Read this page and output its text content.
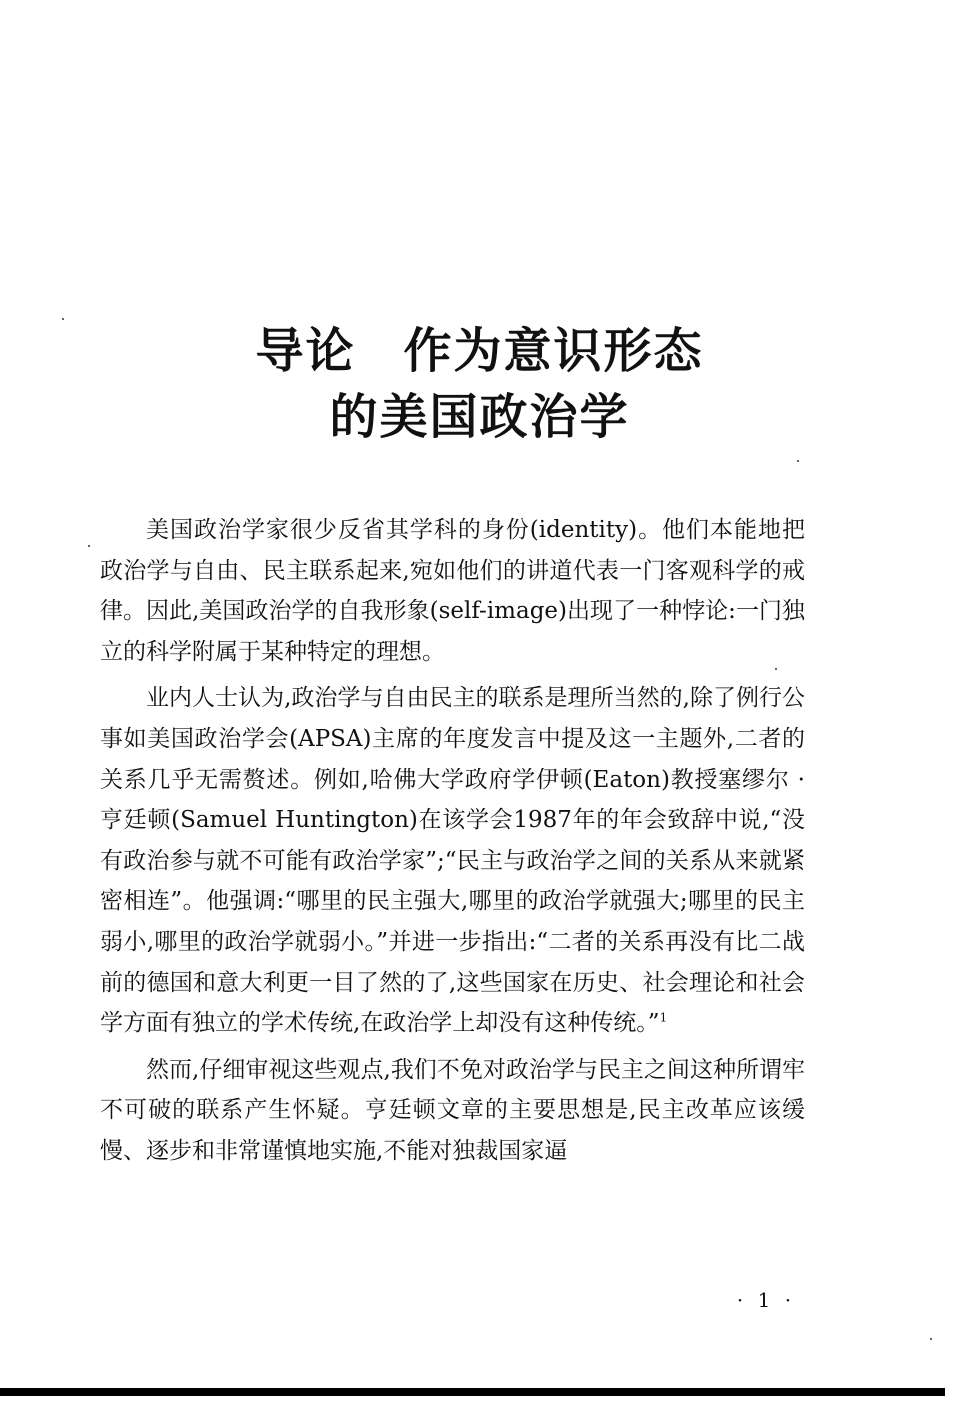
导论 作为意识形态
的美国政治学

美国政治学家很少反省其学科的身份(identity)。他们本能地把政治学与自由、民主联系起来,宛如他们的讲道代表一门客观科学的戒律。因此,美国政治学的自我形象(self-image)出现了一种悖论:一门独立的科学附属于某种特定的理想。

业内人士认为,政治学与自由民主的联系是理所当然的,除了例行公事如美国政治学会(APSA)主席的年度发言中提及这一主题外,二者的关系几乎无需赘述。例如,哈佛大学政府学伊顿(Eaton)教授塞缪尔 · 亨廷顿(Samuel Huntington)在该学会1987年的年会致辞中说,“没有政治参与就不可能有政治学家”;“民主与政治学之间的关系从来就紧密相连”。他强调:“哪里的民主强大,哪里的政治学就强大;哪里的民主弱小,哪里的政治学就弱小。”并进一步指出:“二者的关系再没有比二战前的德国和意大利更一目了然的了,这些国家在历史、社会理论和社会学方面有独立的学术传统,在政治学上却没有这种传统。”$^1$

然而,仔细审视这些观点,我们不免对政治学与民主之间这种所谓牢不可破的联系产生怀疑。亨廷顿文章的主要思想是,民主改革应该缓慢、逐步和非常谨慎地实施,不能对独裁国家逼

· 1 ·
